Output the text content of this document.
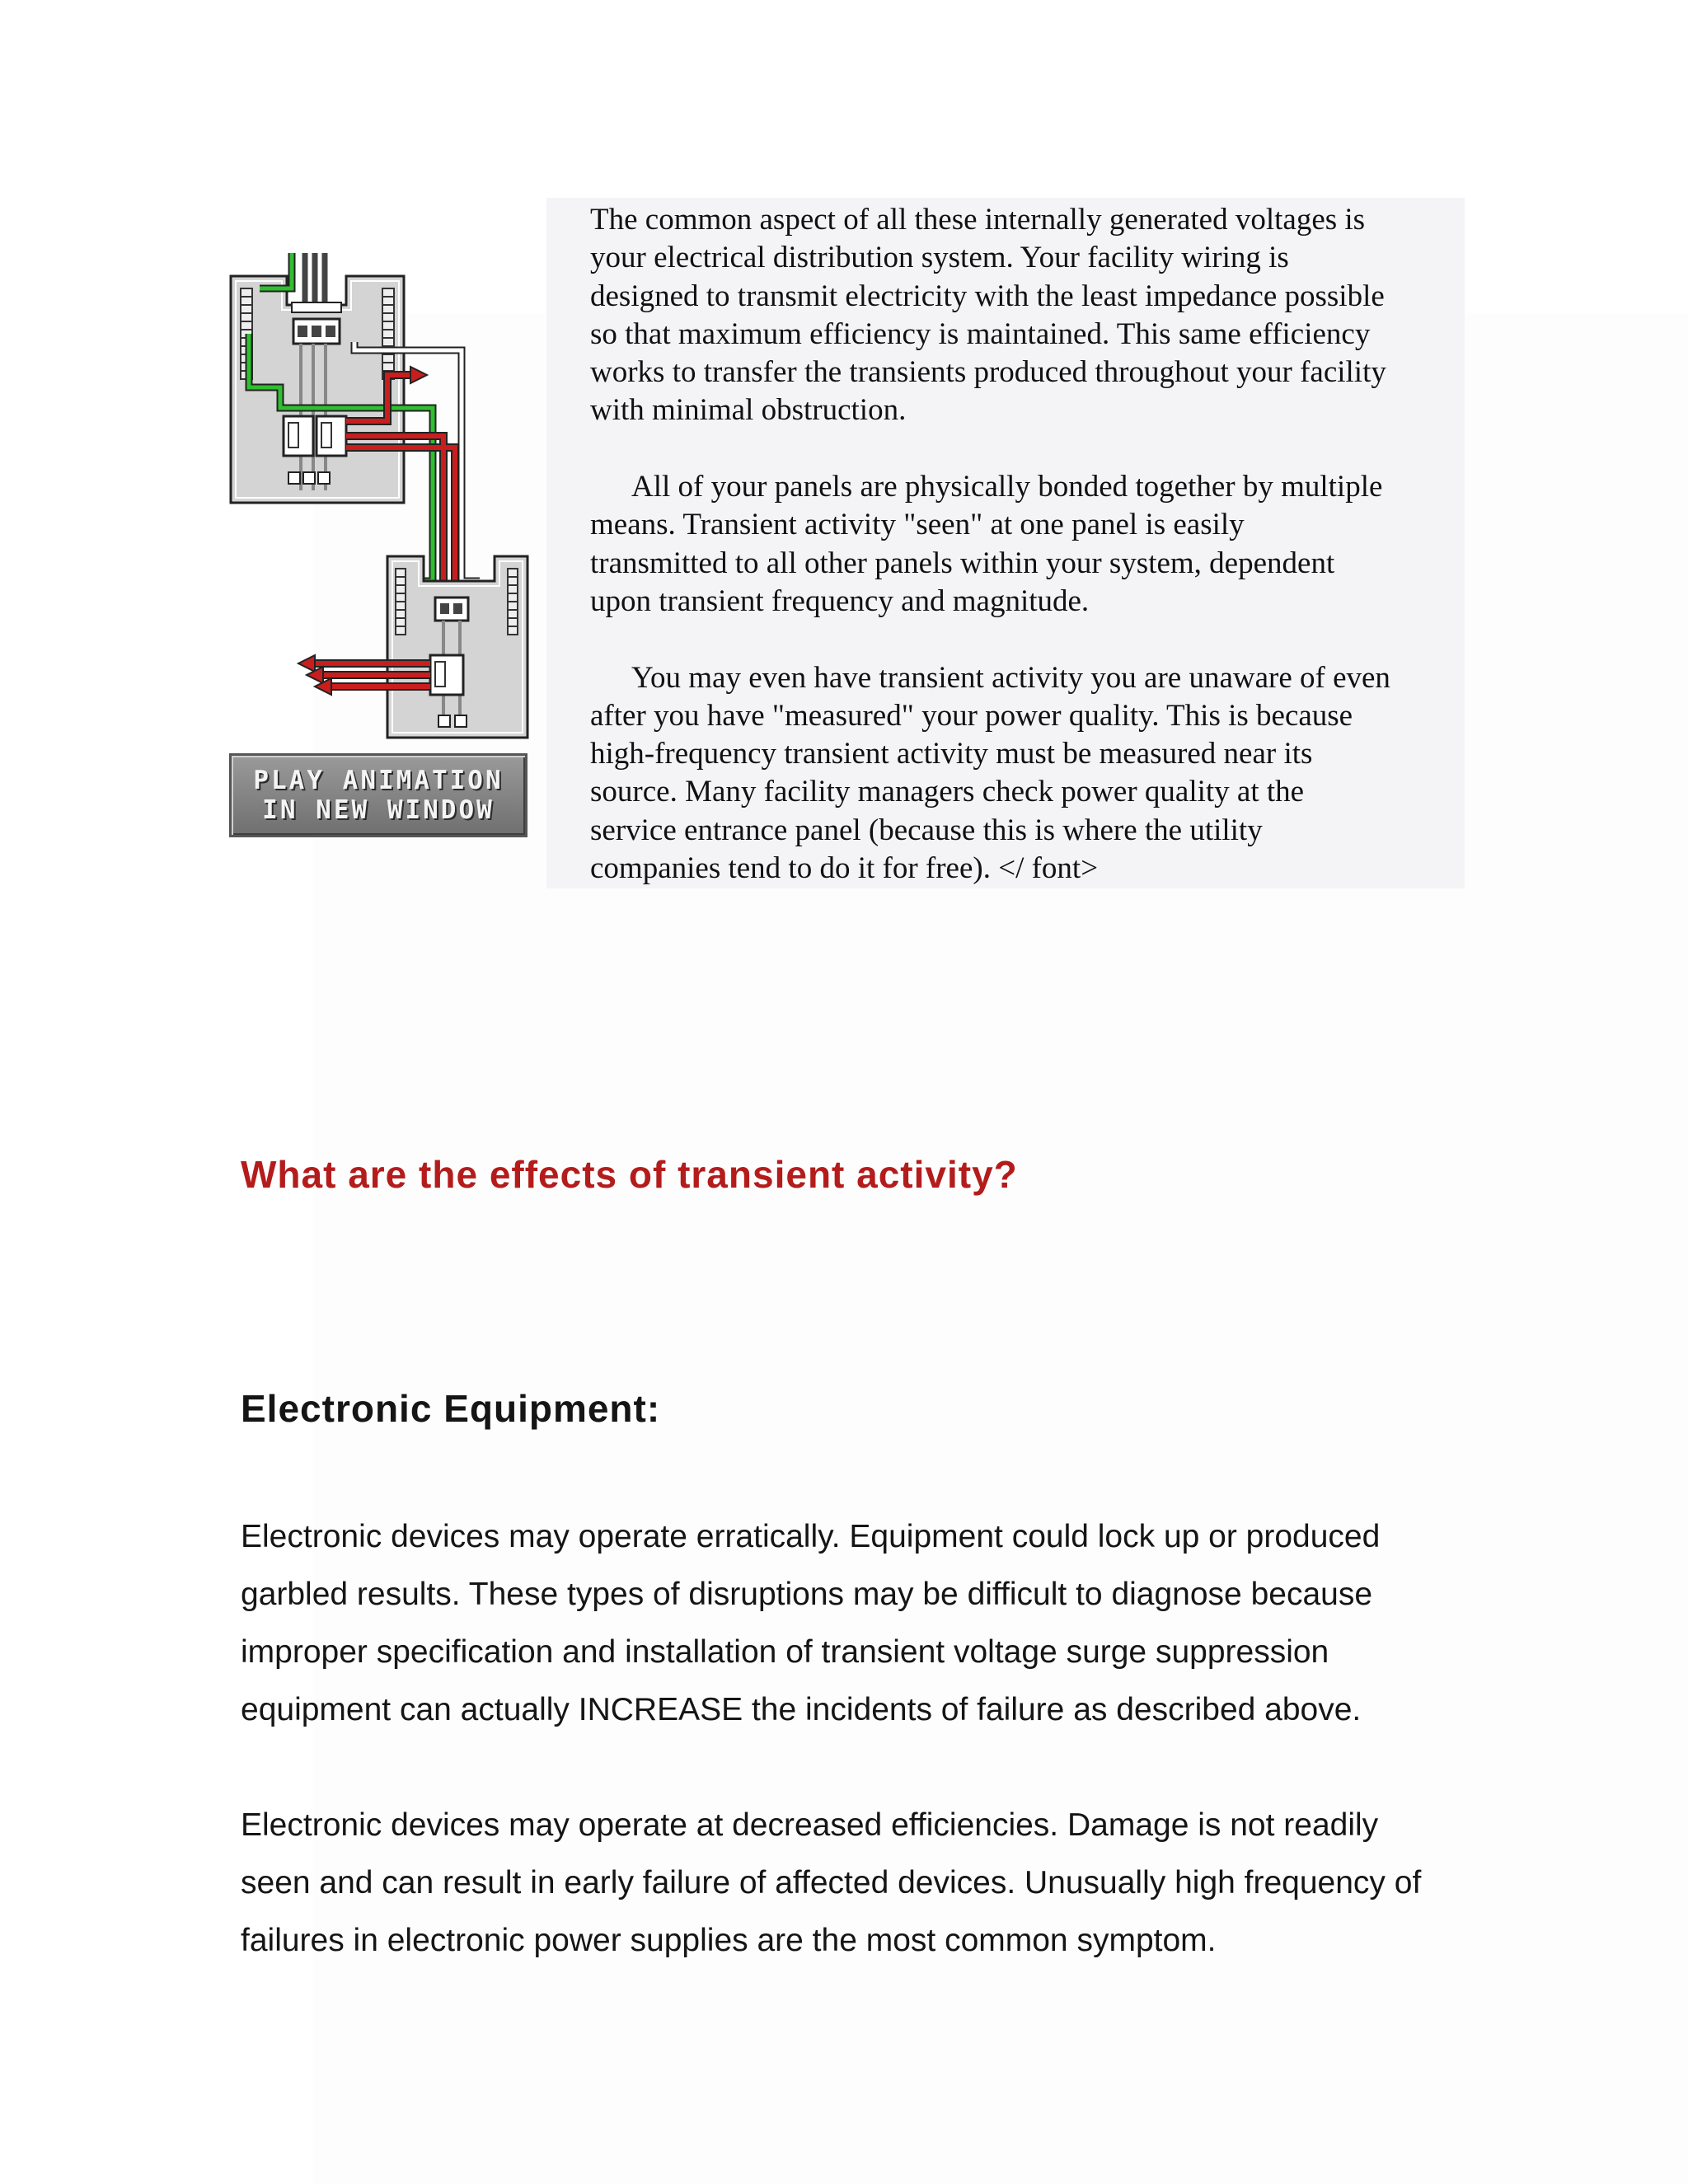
PLAY ANIMATION
IN NEW WINDOW

The common aspect of all these internally generated voltages is
your electrical distribution system. Your facility wiring is
designed to transmit electricity with the least impedance possible
so that maximum efficiency is maintained. This same efficiency
works to transfer the transients produced throughout your facility
with minimal obstruction.

All of your panels are physically bonded together by multiple
means. Transient activity "seen" at one panel is easily
transmitted to all other panels within your system, dependent
upon transient frequency and magnitude.

You may even have transient activity you are unaware of even
after you have "measured" your power quality. This is because
high-frequency transient activity must be measured near its
source. Many facility managers check power quality at the
service entrance panel (because this is where the utility
companies tend to do it for free). </ font>

What are the effects of transient activity?
Electronic Equipment:

Electronic devices may operate erratically. Equipment could lock up or produced
garbled results. These types of disruptions may be difficult to diagnose because
improper specification and installation of transient voltage surge suppression
equipment can actually INCREASE the incidents of failure as described above.

Electronic devices may operate at decreased efficiencies. Damage is not readily
seen and can result in early failure of affected devices. Unusually high frequency of
failures in electronic power supplies are the most common symptom.
